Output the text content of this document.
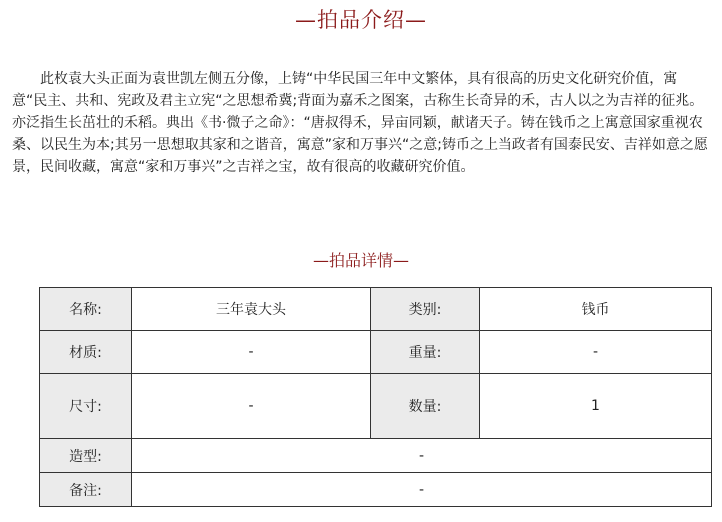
—拍品介绍—

此枚袁大头正面为袁世凯左侧五分像，上铸“中华民国三年中文繁体，具有很高的历史文化研究价值，寓意“民主、共和、宪政及君主立宪“之思想希冀;背面为嘉禾之图案，古称生长奇异的禾，古人以之为吉祥的征兆。亦泛指生长茁壮的禾稻。典出《书·微子之命》：“唐叔得禾，异亩同颖，献诸天子。铸在钱币之上寓意国家重视农桑、以民生为本;其另一思想取其家和之谐音，寓意”家和万事兴“之意;铸币之上当政者有国泰民安、吉祥如意之愿景，民间收藏，寓意“家和万事兴”之吉祥之宝，故有很高的收藏研究价值。

—拍品详情—
名称:	三年袁大头	类别:	钱币
材质:	-	重量:	-
尺寸:	-	数量:	1
造型:	-		
备注:	-		
